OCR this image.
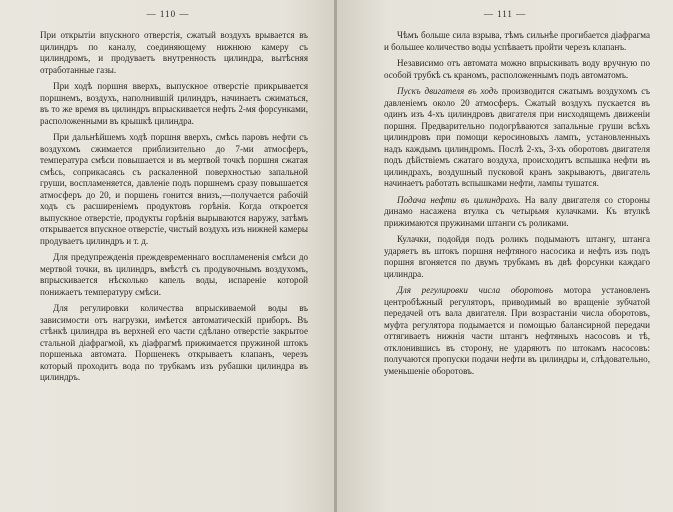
— 110 —

При открытіи впускного отверстія, сжатый воздухъ врывается въ цилиндръ по каналу, соединяющему нижнюю камеру съ цилиндромъ, и продуваетъ внутренность цилиндра, вытѣсняя отработанные газы.

При ходѣ поршня вверхъ, выпускное отверстіе прикрывается поршнемъ, воздухъ, наполнившій цилиндръ, начинаетъ сжиматься, въ то же время въ цилиндръ впрыскивается нефть 2-мя форсунками, расположенными въ крышкѣ цилиндра.

При дальнѣйшемъ ходѣ поршня вверхъ, смѣсь паровъ нефти съ воздухомъ сжимается приблизительно до 7-ми атмосферъ, температура смѣси повышается и въ мертвой точкѣ поршня сжатая смѣсь, соприкасаясь съ раскаленной поверхностью запальной груши, воспламеняется, давленіе подъ поршнемъ сразу повышается атмосферъ до 20, и поршень гонится внизъ,—получается рабочій ходъ съ расширеніемъ продуктовъ горѣнія. Когда откроется выпускное отверстіе, продукты горѣнія вырываются наружу, затѣмъ открывается впускное отверстіе, чистый воздухъ изъ нижней камеры продуваетъ цилиндръ и т. д.

Для предупрежденія преждевременнаго воспламененія смѣси до мертвой точки, въ цилиндръ, вмѣстѣ съ продувочнымъ воздухомъ, впрыскивается нѣсколько капель воды, испареніе которой понижаетъ температуру смѣси.

Для регулировки количества впрыскиваемой воды въ зависимости отъ нагрузки, имѣется автоматическій приборъ. Въ стѣнкѣ цилиндра въ верхней его части сдѣлано отверстіе закрытое стальной діафрагмой, къ діафрагмѣ прижимается пружиной штокъ поршенька автомата. Поршенекъ открываетъ клапанъ, черезъ который проходитъ вода по трубкамъ изъ рубашки цилиндра въ цилиндръ.

— 111 —

Чѣмъ больше сила взрыва, тѣмъ сильнѣе прогибается діафрагма и большее количество воды успѣваетъ пройти черезъ клапанъ.

Независимо отъ автомата можно впрыскивать воду вручную по особой трубкѣ съ краномъ, расположеннымъ подъ автоматомъ.

Пускъ двигателя въ ходъ производится сжатымъ воздухомъ съ давленіемъ около 20 атмосферъ. Сжатый воздухъ пускается въ одинъ изъ 4-хъ цилиндровъ двигателя при нисходящемъ движеніи поршня. Предварительно подогрѣваются запальные груши всѣхъ цилиндровъ при помощи керосиновыхъ лампъ, установленныхъ надъ каждымъ цилиндромъ. Послѣ 2-хъ, 3-хъ оборотовъ двигателя подъ дѣйствіемъ сжатаго воздуха, происходитъ вспышка нефти въ цилиндрахъ, воздушный пусковой кранъ закрываютъ, двигатель начинаетъ работать вспышками нефти, лампы тушатся.

Подача нефти въ цилиндрахъ. На валу двигателя со стороны динамо насажена втулка съ четырьмя кулачками. Къ втулкѣ прижимаются пружинами штанги съ роликами.

Кулачки, подойдя подъ роликъ подымаютъ штангу, штанга ударяетъ въ штокъ поршня нефтяного насосика и нефть изъ подъ поршня вгоняется по двумъ трубкамъ въ двѣ форсунки каждаго цилиндра.

Для регулировки числа оборотовъ мотора установленъ центробѣжный регуляторъ, приводимый во вращеніе зубчатой передачей отъ вала двигателя. При возрастаніи числа оборотовъ, муфта регулятора подымается и помощью балансирной передачи оттягиваетъ нижнія части штангъ нефтяныхъ насосовъ и тѣ, отклонившись въ сторону, не ударяютъ по штокамъ насосовъ: получаются пропуски подачи нефти въ цилиндры и, слѣдовательно, уменьшеніе оборотовъ.
